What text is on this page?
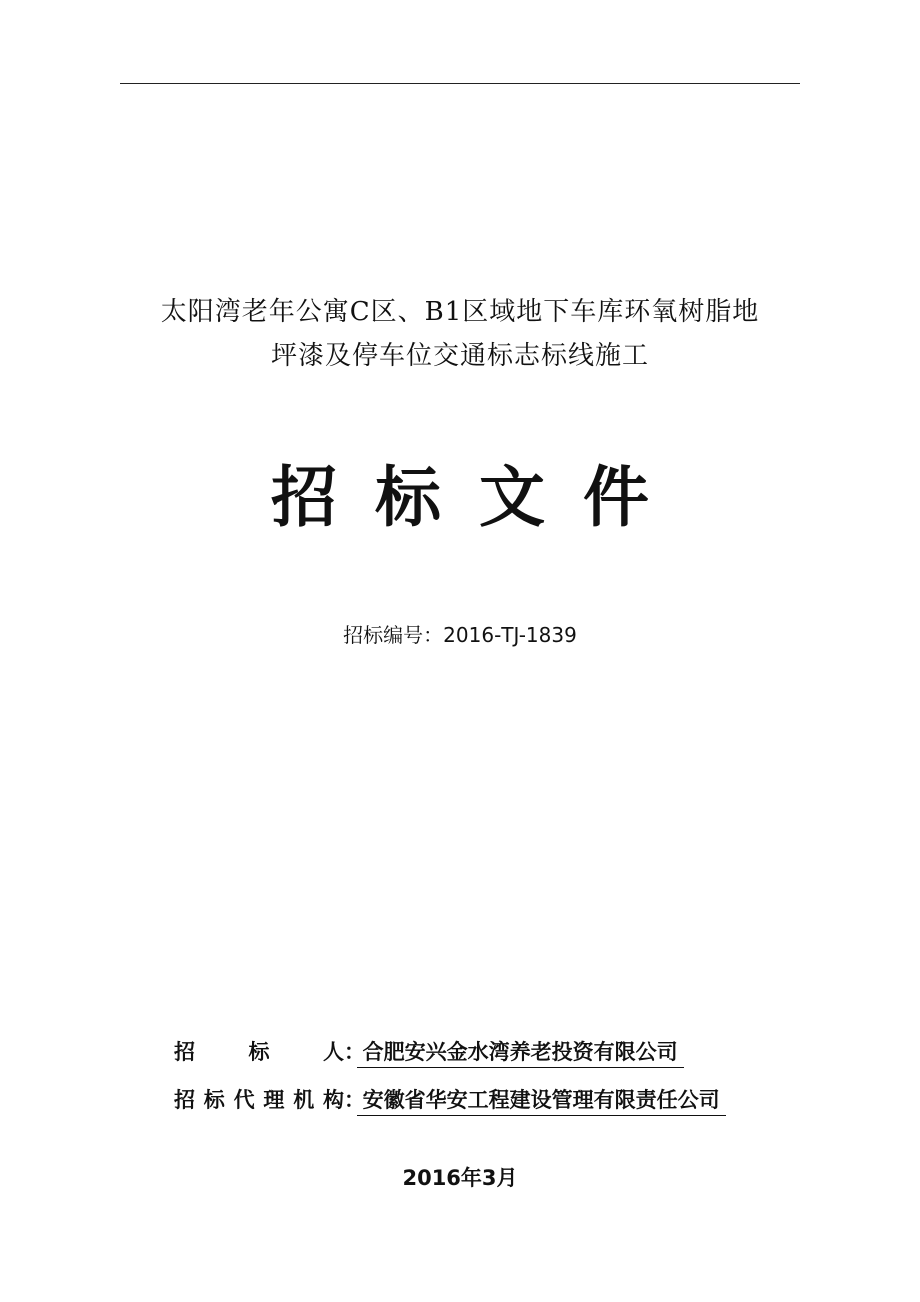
太阳湾老年公寓C区、B1区域地下车库环氧树脂地
坪漆及停车位交通标志标线施工
招标文件
招标编号：2016-TJ-1839
招　标　人 ：
合肥安兴金水湾养老投资有限公司
招标代理机构 ：
安徽省华安工程建设管理有限责任公司
2016年3月
